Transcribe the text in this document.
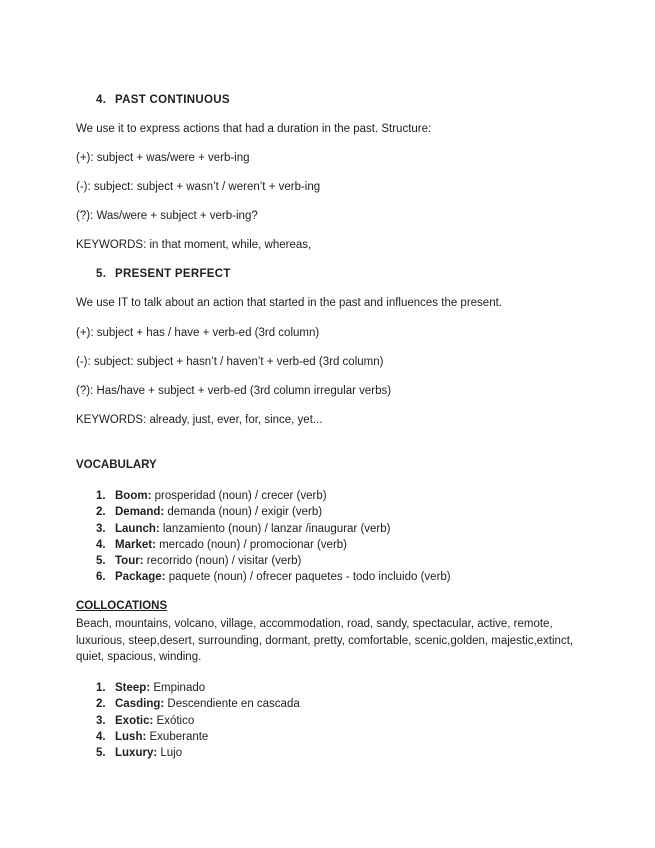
4. PAST CONTINUOUS
We use it to express actions that had a duration in the past. Structure:
(+): subject + was/were + verb-ing
(-): subject: subject + wasn’t / weren’t + verb-ing
(?): Was/were + subject + verb-ing?
KEYWORDS: in that moment, while, whereas,
5. PRESENT PERFECT
We use IT to talk about an action that started in the past and influences the present.
(+): subject + has / have + verb-ed (3rd column)
(-): subject: subject + hasn’t / haven’t + verb-ed (3rd column)
(?): Has/have + subject + verb-ed (3rd column irregular verbs)
KEYWORDS: already, just, ever, for, since, yet...
VOCABULARY
1. Boom: prosperidad (noun) / crecer (verb)
2. Demand: demanda (noun) / exigir (verb)
3. Launch: lanzamiento (noun) / lanzar /inaugurar (verb)
4. Market: mercado (noun) / promocionar (verb)
5. Tour: recorrido (noun) / visitar (verb)
6. Package: paquete (noun) / ofrecer paquetes - todo incluido (verb)
COLLOCATIONS
Beach, mountains, volcano, village, accommodation, road, sandy, spectacular, active, remote, luxurious, steep,desert, surrounding, dormant, pretty, comfortable, scenic,golden, majestic,extinct, quiet, spacious, winding.
1. Steep: Empinado
2. Casding: Descendiente en cascada
3. Exotic: Exótico
4. Lush: Exuberante
5. Luxury: Lujo
